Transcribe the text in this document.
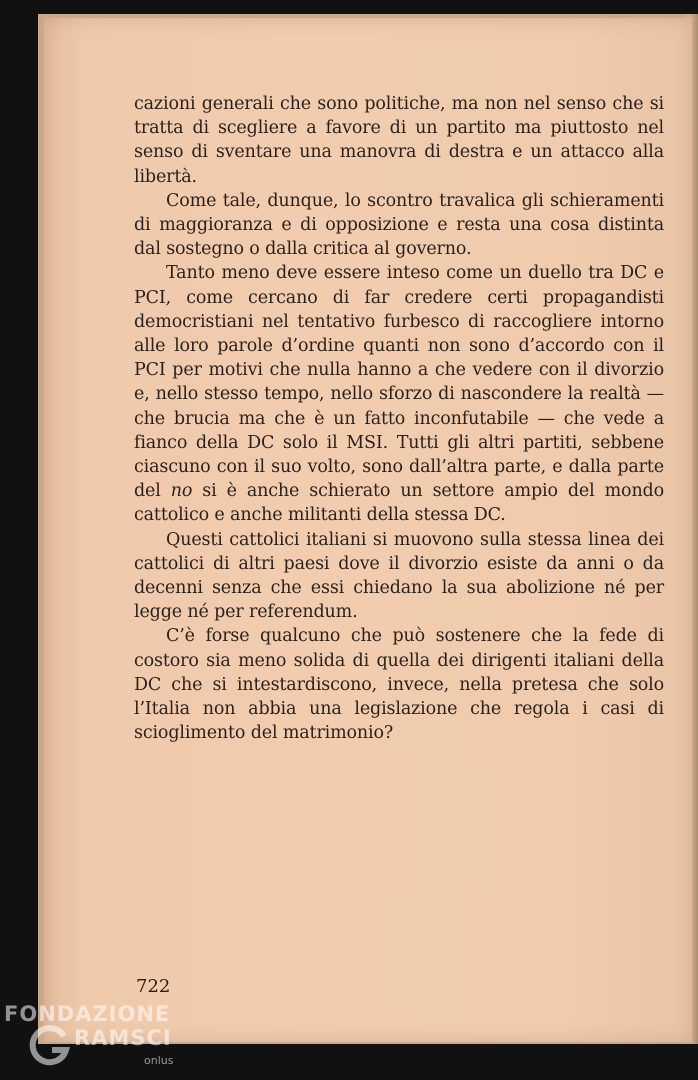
cazioni generali che sono politiche, ma non nel senso che si tratta di scegliere a favore di un partito ma piuttosto nel senso di sventare una manovra di destra e un attacco alla libertà.

Come tale, dunque, lo scontro travalica gli schieramenti di maggioranza e di opposizione e resta una cosa distinta dal sostegno o dalla critica al governo.

Tanto meno deve essere inteso come un duello tra DC e PCI, come cercano di far credere certi propagandisti democristiani nel tentativo furbesco di raccogliere intorno alle loro parole d’ordine quanti non sono d’accordo con il PCI per motivi che nulla hanno a che vedere con il divorzio e, nello stesso tempo, nello sforzo di nascondere la realtà — che brucia ma che è un fatto inconfutabile — che vede a fianco della DC solo il MSI. Tutti gli altri partiti, sebbene ciascuno con il suo volto, sono dall’altra parte, e dalla parte del no si è anche schierato un settore ampio del mondo cattolico e anche militanti della stessa DC.

Questi cattolici italiani si muovono sulla stessa linea dei cattolici di altri paesi dove il divorzio esiste da anni o da decenni senza che essi chiedano la sua abolizione né per legge né per referendum.

C’è forse qualcuno che può sostenere che la fede di costoro sia meno solida di quella dei dirigenti italiani della DC che si intestardiscono, invece, nella pretesa che solo l’Italia non abbia una legislazione che regola i casi di scioglimento del matrimonio?

722
FONDAZIONE
RAMSCI
onlus
